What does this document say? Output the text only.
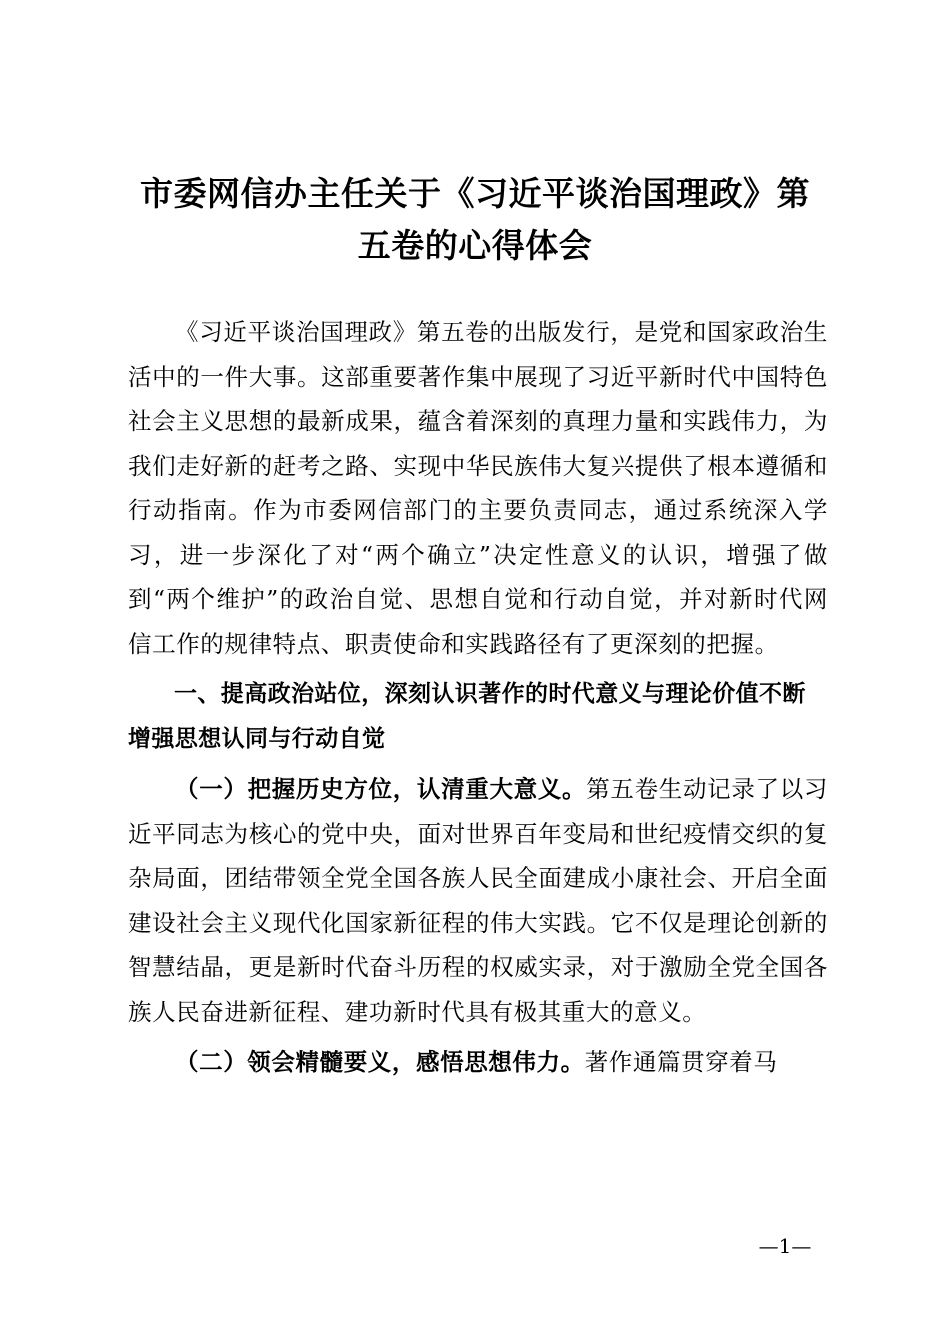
市委网信办主任关于《习近平谈治国理政》第
五卷的心得体会

《习近平谈治国理政》第五卷的出版发行，是党和国家政治生活中的一件大事。这部重要著作集中展现了习近平新时代中国特色社会主义思想的最新成果，蕴含着深刻的真理力量和实践伟力，为我们走好新的赶考之路、实现中华民族伟大复兴提供了根本遵循和行动指南。作为市委网信部门的主要负责同志，通过系统深入学习，进一步深化了对“两个确立”决定性意义的认识，增强了做到“两个维护”的政治自觉、思想自觉和行动自觉，并对新时代网信工作的规律特点、职责使命和实践路径有了更深刻的把握。

一、提高政治站位，深刻认识著作的时代意义与理论价值不断增强思想认同与行动自觉

（一）把握历史方位，认清重大意义。第五卷生动记录了以习近平同志为核心的党中央，面对世界百年变局和世纪疫情交织的复杂局面，团结带领全党全国各族人民全面建成小康社会、开启全面建设社会主义现代化国家新征程的伟大实践。它不仅是理论创新的智慧结晶，更是新时代奋斗历程的权威实录，对于激励全党全国各族人民奋进新征程、建功新时代具有极其重大的意义。

（二）领会精髓要义，感悟思想伟力。著作通篇贯穿着马

—1—
